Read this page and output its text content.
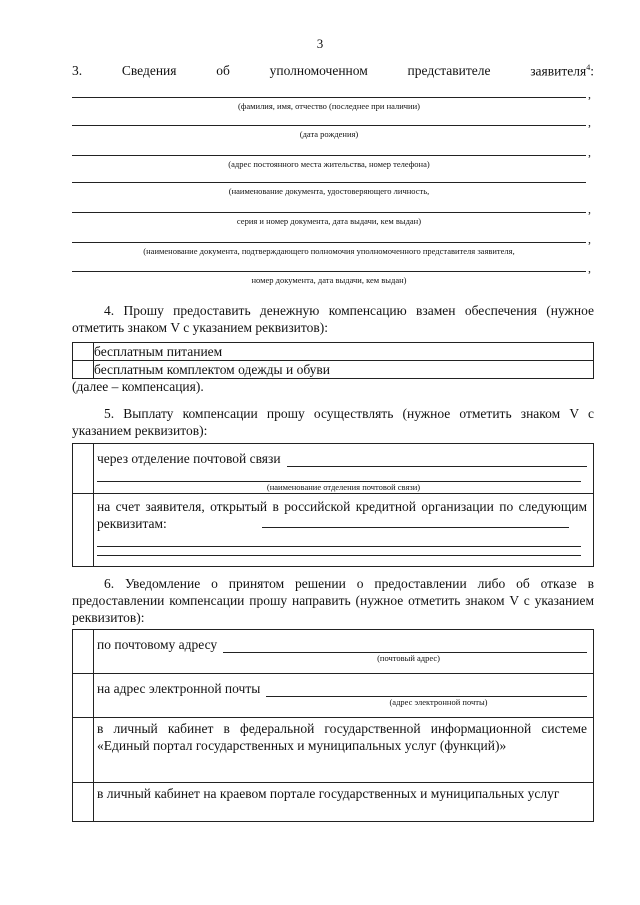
3
3.	Сведения	об	уполномоченном	представителе	заявителя$^4$:
,
(фамилия, имя, отчество (последнее при наличии)
,
(дата рождения)
,
(адрес постоянного места жительства, номер телефона)
(наименование документа, удостоверяющего личность,
,
серия и номер документа, дата выдачи, кем выдан)
,
(наименование документа, подтверждающего полномочия уполномоченного представителя заявителя,
,
номер документа, дата выдачи, кем выдан)
4. Прошу предоставить денежную компенсацию взамен обеспечения (нужное отметить знаком V с указанием реквизитов):
	бесплатным питанием
	бесплатным комплектом одежды и обуви
(далее – компенсация).
5. Выплату компенсации прошу осуществлять (нужное отметить знаком V с указанием реквизитов):

	через отделение почтовой связи
(наименование отделения почтовой связи)

	на счет заявителя, открытый в российской кредитной организации по следующим реквизитам:
6. Уведомление о принятом решении о предоставлении либо об отказе в предоставлении компенсации прошу направить (нужное отметить знаком V с указанием реквизитов):

	по почтовому адресу
(почтовый адрес)

	на адрес электронной почты
(адрес электронной почты)

	в личный кабинет в федеральной государственной информационной системе «Единый портал государственных и муниципальных услуг (функций)»

	в личный кабинет на краевом портале государственных и муниципальных услуг
